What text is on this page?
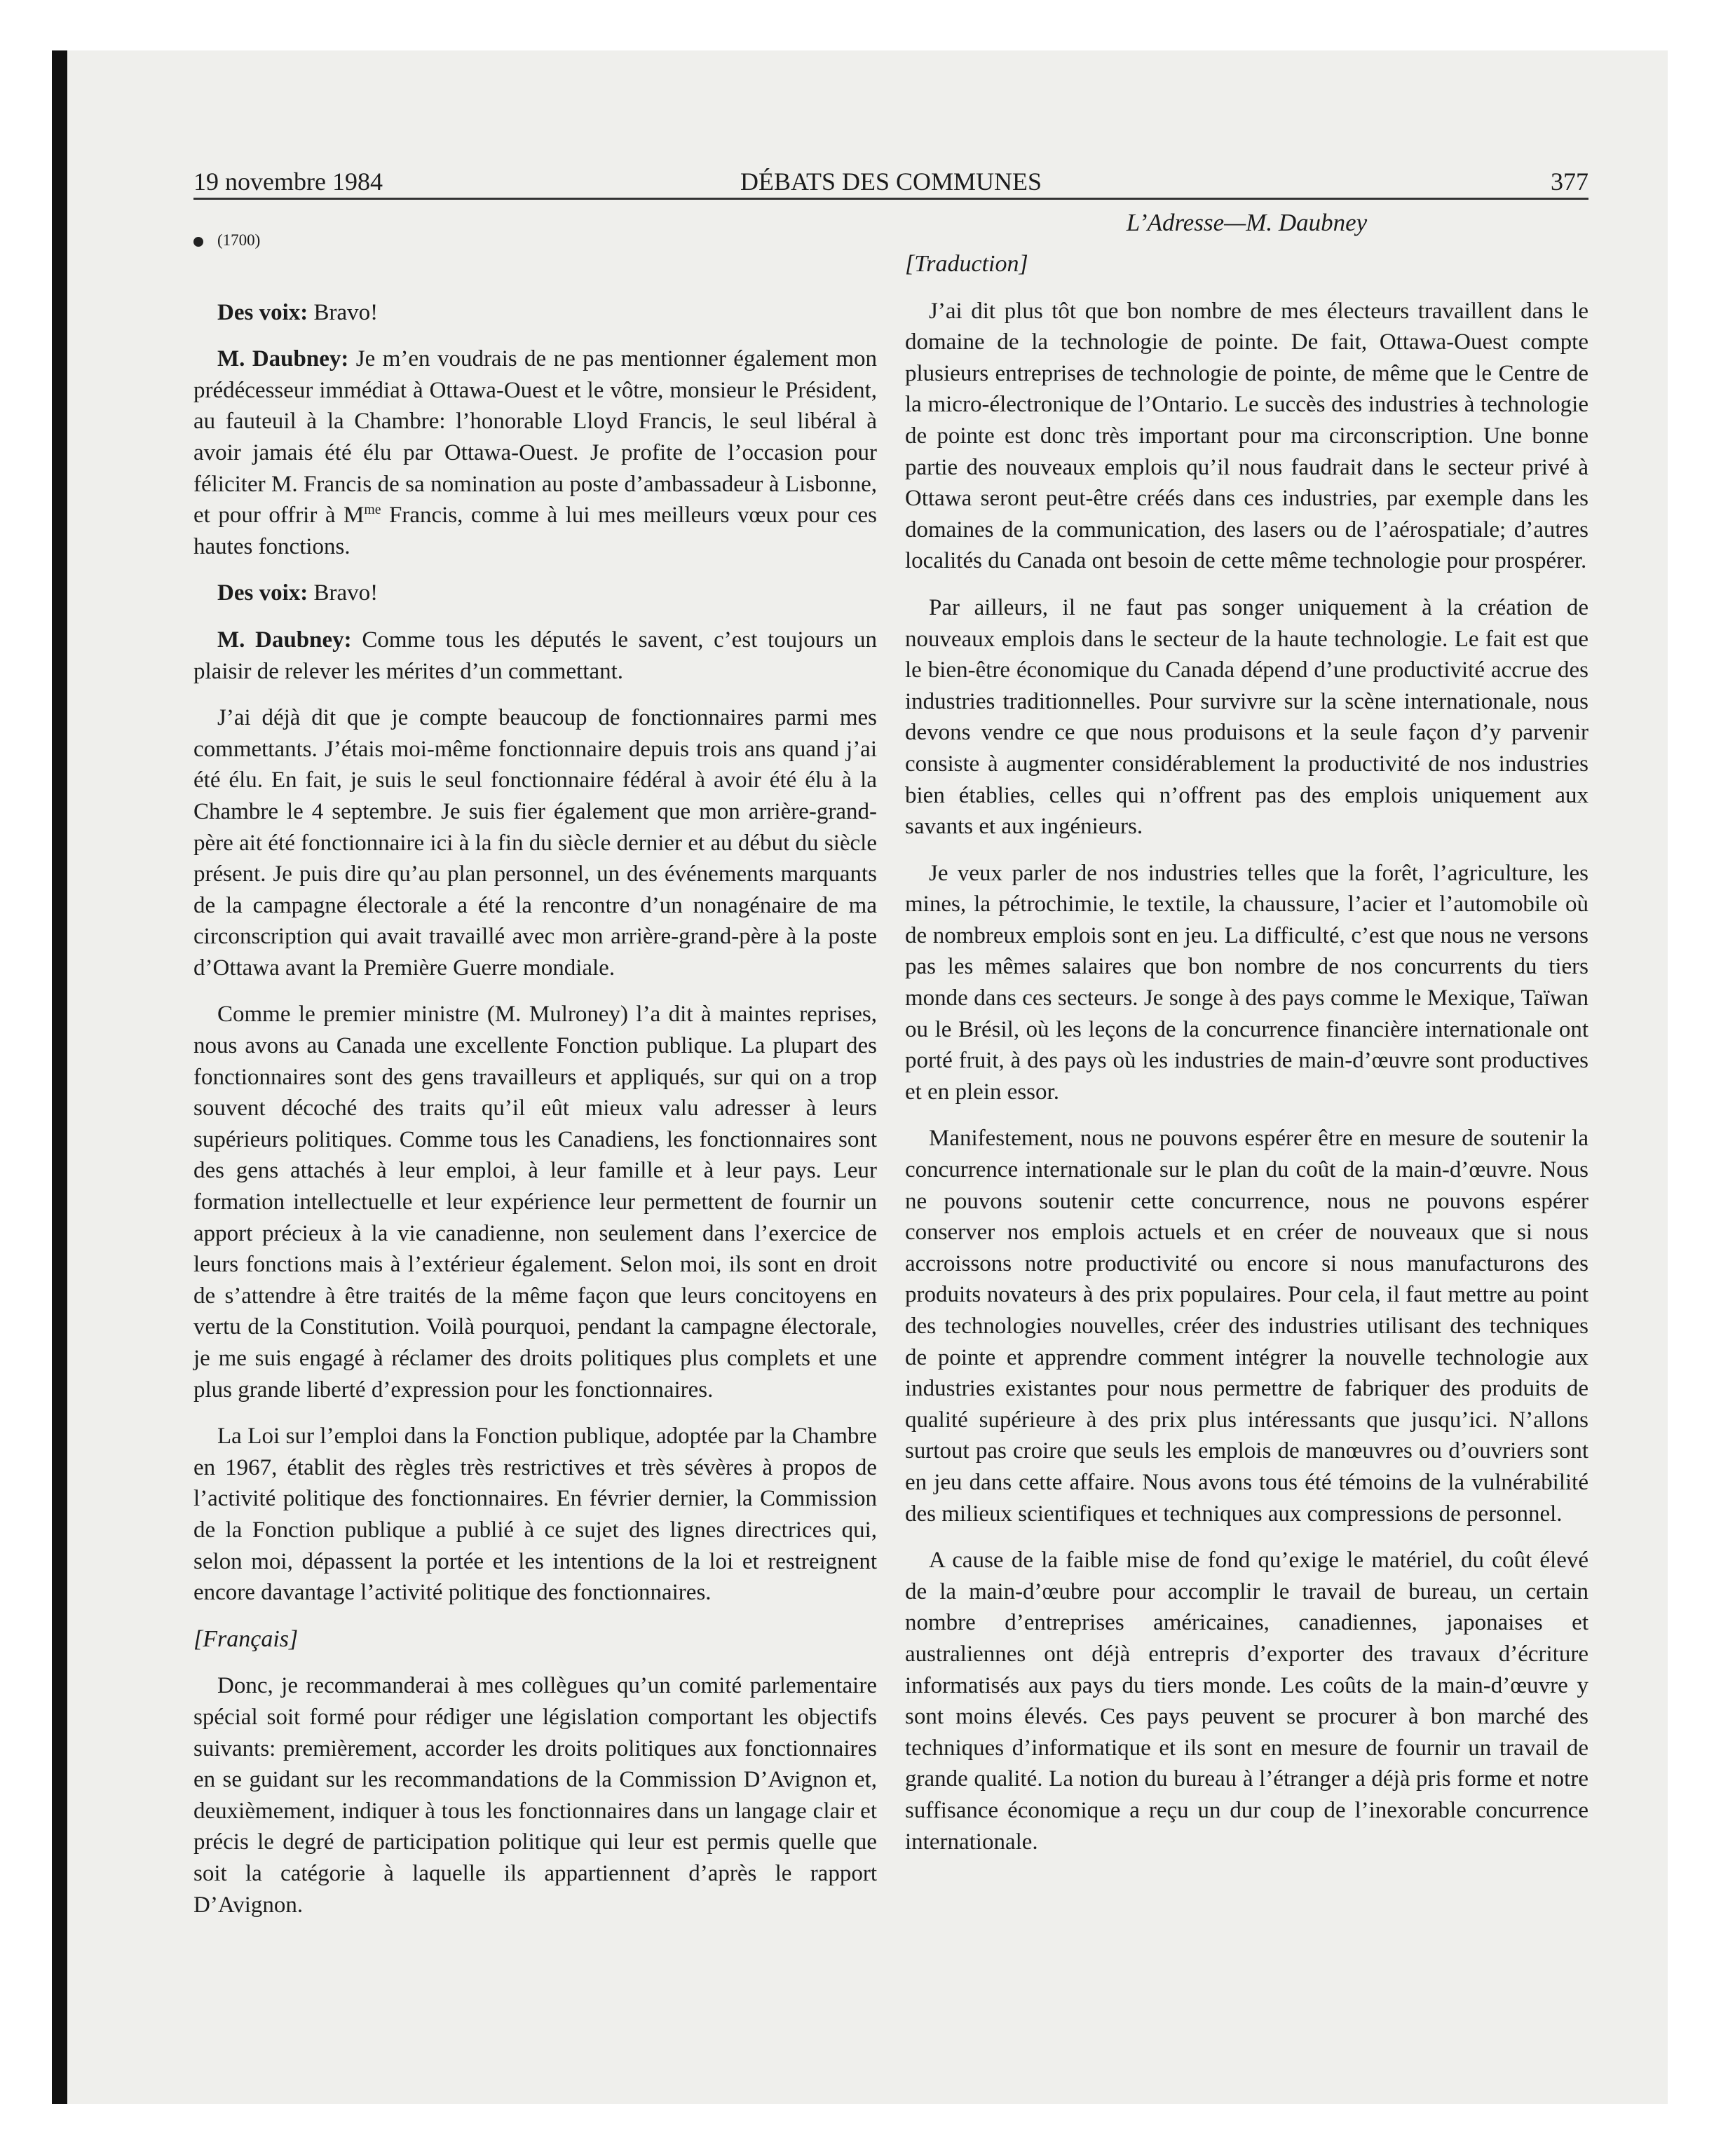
19 novembre 1984	DÉBATS DES COMMUNES	377
(1700)

Des voix: Bravo!

M. Daubney: Je m’en voudrais de ne pas mentionner également mon prédécesseur immédiat à Ottawa-Ouest et le vôtre, monsieur le Président, au fauteuil à la Chambre: l’honorable Lloyd Francis, le seul libéral à avoir jamais été élu par Ottawa-Ouest. Je profite de l’occasion pour féliciter M. Francis de sa nomination au poste d’ambassadeur à Lisbonne, et pour offrir à $M^{me}$ Francis, comme à lui mes meilleurs vœux pour ces hautes fonctions.

Des voix: Bravo!

M. Daubney: Comme tous les députés le savent, c’est toujours un plaisir de relever les mérites d’un commettant.

J’ai déjà dit que je compte beaucoup de fonctionnaires parmi mes commettants. J’étais moi-même fonctionnaire depuis trois ans quand j’ai été élu. En fait, je suis le seul fonctionnaire fédéral à avoir été élu à la Chambre le 4 septembre. Je suis fier également que mon arrière-grand-père ait été fonctionnaire ici à la fin du siècle dernier et au début du siècle présent. Je puis dire qu’au plan personnel, un des événements marquants de la campagne électorale a été la rencontre d’un nonagénaire de ma circonscription qui avait travaillé avec mon arrière-grand-père à la poste d’Ottawa avant la Première Guerre mondiale.

Comme le premier ministre (M. Mulroney) l’a dit à maintes reprises, nous avons au Canada une excellente Fonction publique. La plupart des fonctionnaires sont des gens travailleurs et appliqués, sur qui on a trop souvent décoché des traits qu’il eût mieux valu adresser à leurs supérieurs politiques. Comme tous les Canadiens, les fonctionnaires sont des gens attachés à leur emploi, à leur famille et à leur pays. Leur formation intellectuelle et leur expérience leur permettent de fournir un apport précieux à la vie canadienne, non seulement dans l’exercice de leurs fonctions mais à l’extérieur également. Selon moi, ils sont en droit de s’attendre à être traités de la même façon que leurs concitoyens en vertu de la Constitution. Voilà pourquoi, pendant la campagne électorale, je me suis engagé à réclamer des droits politiques plus complets et une plus grande liberté d’expression pour les fonctionnaires.

La Loi sur l’emploi dans la Fonction publique, adoptée par la Chambre en 1967, établit des règles très restrictives et très sévères à propos de l’activité politique des fonctionnaires. En février dernier, la Commission de la Fonction publique a publié à ce sujet des lignes directrices qui, selon moi, dépassent la portée et les intentions de la loi et restreignent encore davantage l’activité politique des fonctionnaires.

[Français]

Donc, je recommanderai à mes collègues qu’un comité parlementaire spécial soit formé pour rédiger une législation comportant les objectifs suivants: premièrement, accorder les droits politiques aux fonctionnaires en se guidant sur les recommandations de la Commission D’Avignon et, deuxièmement, indiquer à tous les fonctionnaires dans un langage clair et précis le degré de participation politique qui leur est permis quelle que soit la catégorie à laquelle ils appartiennent d’après le rapport D’Avignon.

L’Adresse—M. Daubney
[Traduction]

J’ai dit plus tôt que bon nombre de mes électeurs travaillent dans le domaine de la technologie de pointe. De fait, Ottawa-Ouest compte plusieurs entreprises de technologie de pointe, de même que le Centre de la micro-électronique de l’Ontario. Le succès des industries à technologie de pointe est donc très important pour ma circonscription. Une bonne partie des nouveaux emplois qu’il nous faudrait dans le secteur privé à Ottawa seront peut-être créés dans ces industries, par exemple dans les domaines de la communication, des lasers ou de l’aérospatiale; d’autres localités du Canada ont besoin de cette même technologie pour prospérer.

Par ailleurs, il ne faut pas songer uniquement à la création de nouveaux emplois dans le secteur de la haute technologie. Le fait est que le bien-être économique du Canada dépend d’une productivité accrue des industries traditionnelles. Pour survivre sur la scène internationale, nous devons vendre ce que nous produisons et la seule façon d’y parvenir consiste à augmenter considérablement la productivité de nos industries bien établies, celles qui n’offrent pas des emplois uniquement aux savants et aux ingénieurs.

Je veux parler de nos industries telles que la forêt, l’agriculture, les mines, la pétrochimie, le textile, la chaussure, l’acier et l’automobile où de nombreux emplois sont en jeu. La difficulté, c’est que nous ne versons pas les mêmes salaires que bon nombre de nos concurrents du tiers monde dans ces secteurs. Je songe à des pays comme le Mexique, Taïwan ou le Brésil, où les leçons de la concurrence financière internationale ont porté fruit, à des pays où les industries de main-d’œuvre sont productives et en plein essor.

Manifestement, nous ne pouvons espérer être en mesure de soutenir la concurrence internationale sur le plan du coût de la main-d’œuvre. Nous ne pouvons soutenir cette concurrence, nous ne pouvons espérer conserver nos emplois actuels et en créer de nouveaux que si nous accroissons notre productivité ou encore si nous manufacturons des produits novateurs à des prix populaires. Pour cela, il faut mettre au point des technologies nouvelles, créer des industries utilisant des techniques de pointe et apprendre comment intégrer la nouvelle technologie aux industries existantes pour nous permettre de fabriquer des produits de qualité supérieure à des prix plus intéressants que jusqu’ici. N’allons surtout pas croire que seuls les emplois de manœuvres ou d’ouvriers sont en jeu dans cette affaire. Nous avons tous été témoins de la vulnérabilité des milieux scientifiques et techniques aux compressions de personnel.

A cause de la faible mise de fond qu’exige le matériel, du coût élevé de la main-d’œubre pour accomplir le travail de bureau, un certain nombre d’entreprises américaines, canadiennes, japonaises et australiennes ont déjà entrepris d’exporter des travaux d’écriture informatisés aux pays du tiers monde. Les coûts de la main-d’œuvre y sont moins élevés. Ces pays peuvent se procurer à bon marché des techniques d’informatique et ils sont en mesure de fournir un travail de grande qualité. La notion du bureau à l’étranger a déjà pris forme et notre suffisance économique a reçu un dur coup de l’inexorable concurrence internationale.
